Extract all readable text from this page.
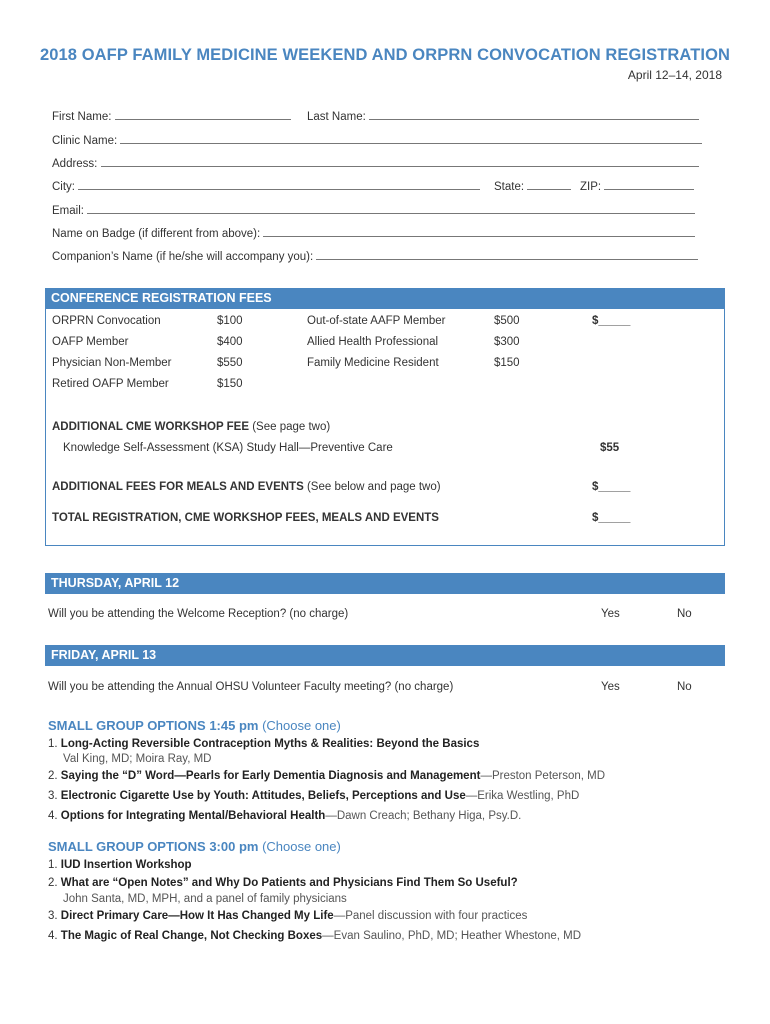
2018 OAFP FAMILY MEDICINE WEEKEND AND ORPRN CONVOCATION REGISTRATION
April 12–14, 2018
First Name:	Last Name:
Clinic Name:
Address:
City:	State:	ZIP:
Email:
Name on Badge (if different from above):
Companion’s Name (if he/she will accompany you):
CONFERENCE REGISTRATION FEES
ORPRN Convocation	$100	Out-of-state AAFP Member	$500	$_____
OAFP Member	$400	Allied Health Professional	$300
Physician Non-Member	$550	Family Medicine Resident	$150
Retired OAFP Member	$150
ADDITIONAL CME WORKSHOP FEE (See page two)
Knowledge Self-Assessment (KSA) Study Hall—Preventive Care	$55
ADDITIONAL FEES FOR MEALS AND EVENTS (See below and page two)	$_____
TOTAL REGISTRATION, CME WORKSHOP FEES, MEALS AND EVENTS	$_____
THURSDAY, APRIL 12
Will you be attending the Welcome Reception? (no charge)	Yes	No
FRIDAY, APRIL 13
Will you be attending the Annual OHSU Volunteer Faculty meeting? (no charge)	Yes	No
SMALL GROUP OPTIONS 1:45 pm (Choose one)
1. Long-Acting Reversible Contraception Myths & Realities: Beyond the Basics
Val King, MD; Moira Ray, MD
2. Saying the “D” Word—Pearls for Early Dementia Diagnosis and Management—Preston Peterson, MD
3. Electronic Cigarette Use by Youth: Attitudes, Beliefs, Perceptions and Use—Erika Westling, PhD
4. Options for Integrating Mental/Behavioral Health—Dawn Creach; Bethany Higa, Psy.D.
SMALL GROUP OPTIONS 3:00 pm (Choose one)
1. IUD Insertion Workshop
2. What are “Open Notes” and Why Do Patients and Physicians Find Them So Useful?
John Santa, MD, MPH, and a panel of family physicians
3. Direct Primary Care—How It Has Changed My Life—Panel discussion with four practices
4. The Magic of Real Change, Not Checking Boxes—Evan Saulino, PhD, MD; Heather Whestone, MD
